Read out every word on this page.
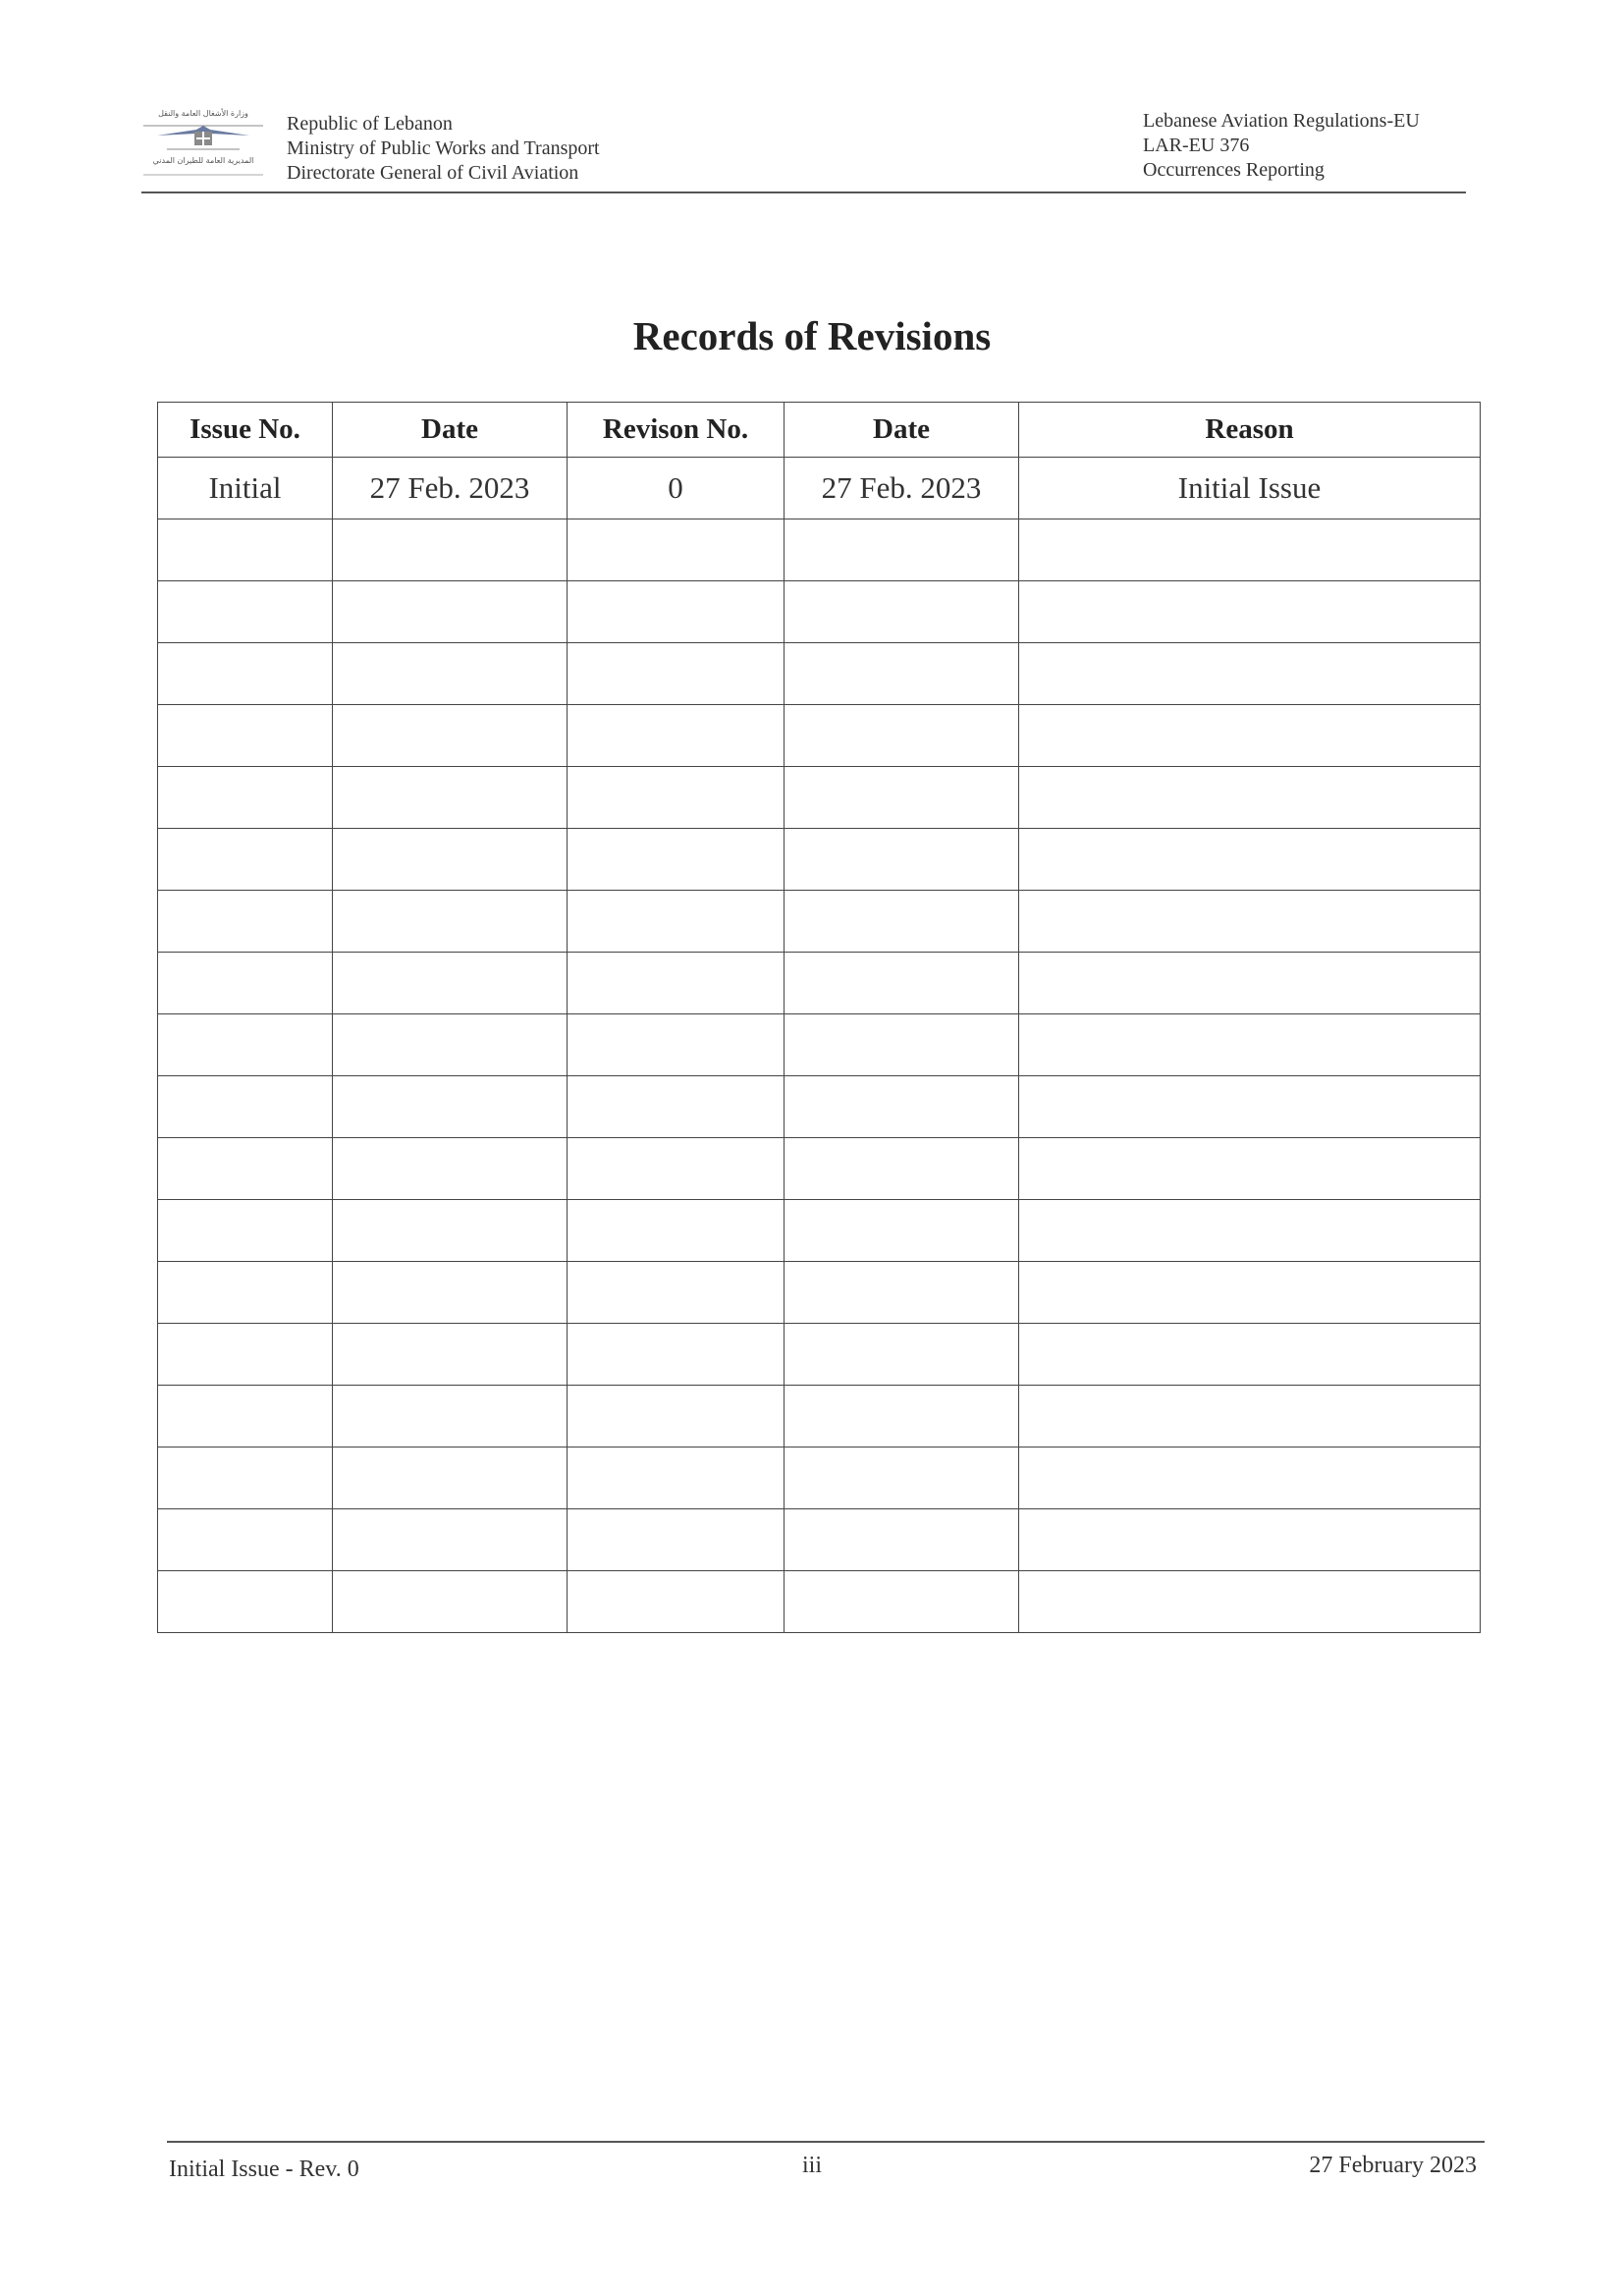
وزارة الأشغال العامة والنقل
المديرية العامة للطيران المدني
Republic of Lebanon
Ministry of Public Works and Transport
Directorate General of Civil Aviation
Lebanese Aviation Regulations-EU
LAR-EU 376
Occurrences Reporting
Records of Revisions
Issue No.	Date	Revison No.	Date	Reason
Initial	27 Feb. 2023	0	27 Feb. 2023	Initial Issue

Initial Issue - Rev. 0	iii	27 February 2023
